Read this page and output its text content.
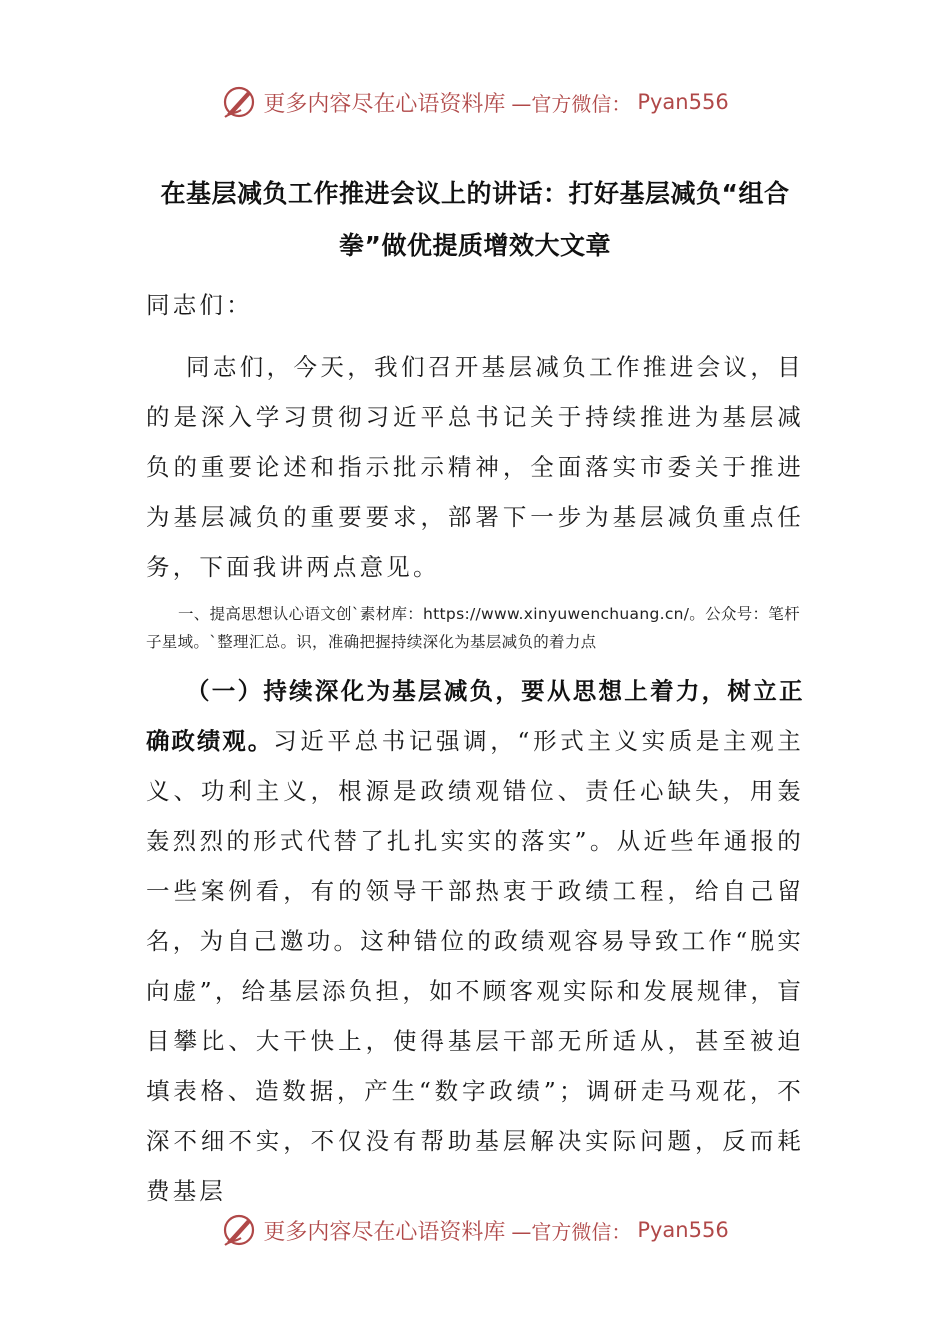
更多内容尽在心语资料库 —官方微信： Pyan556
在基层减负工作推进会议上的讲话：打好基层减负“组合拳”做优提质增效大文章
同志们：
同志们，今天，我们召开基层减负工作推进会议，目的是深入学习贯彻习近平总书记关于持续推进为基层减负的重要论述和指示批示精神，全面落实市委关于推进为基层减负的重要要求，部署下一步为基层减负重点任务，下面我讲两点意见。
一、提高思想认心语文创`素材库：https://www.xinyuwenchuang.cn/。公众号：笔杆子星域。`整理汇总。识，准确把握持续深化为基层减负的着力点
（一）持续深化为基层减负，要从思想上着力，树立正确政绩观。习近平总书记强调，“形式主义实质是主观主义、功利主义，根源是政绩观错位、责任心缺失，用轰轰烈烈的形式代替了扎扎实实的落实”。从近些年通报的一些案例看，有的领导干部热衷于政绩工程，给自己留名，为自己邀功。这种错位的政绩观容易导致工作“脱实向虚”，给基层添负担，如不顾客观实际和发展规律，盲目攀比、大干快上，使得基层干部无所适从，甚至被迫填表格、造数据，产生“数字政绩”；调研走马观花，不深不细不实，不仅没有帮助基层解决实际问题，反而耗费基层
更多内容尽在心语资料库 —官方微信： Pyan556
